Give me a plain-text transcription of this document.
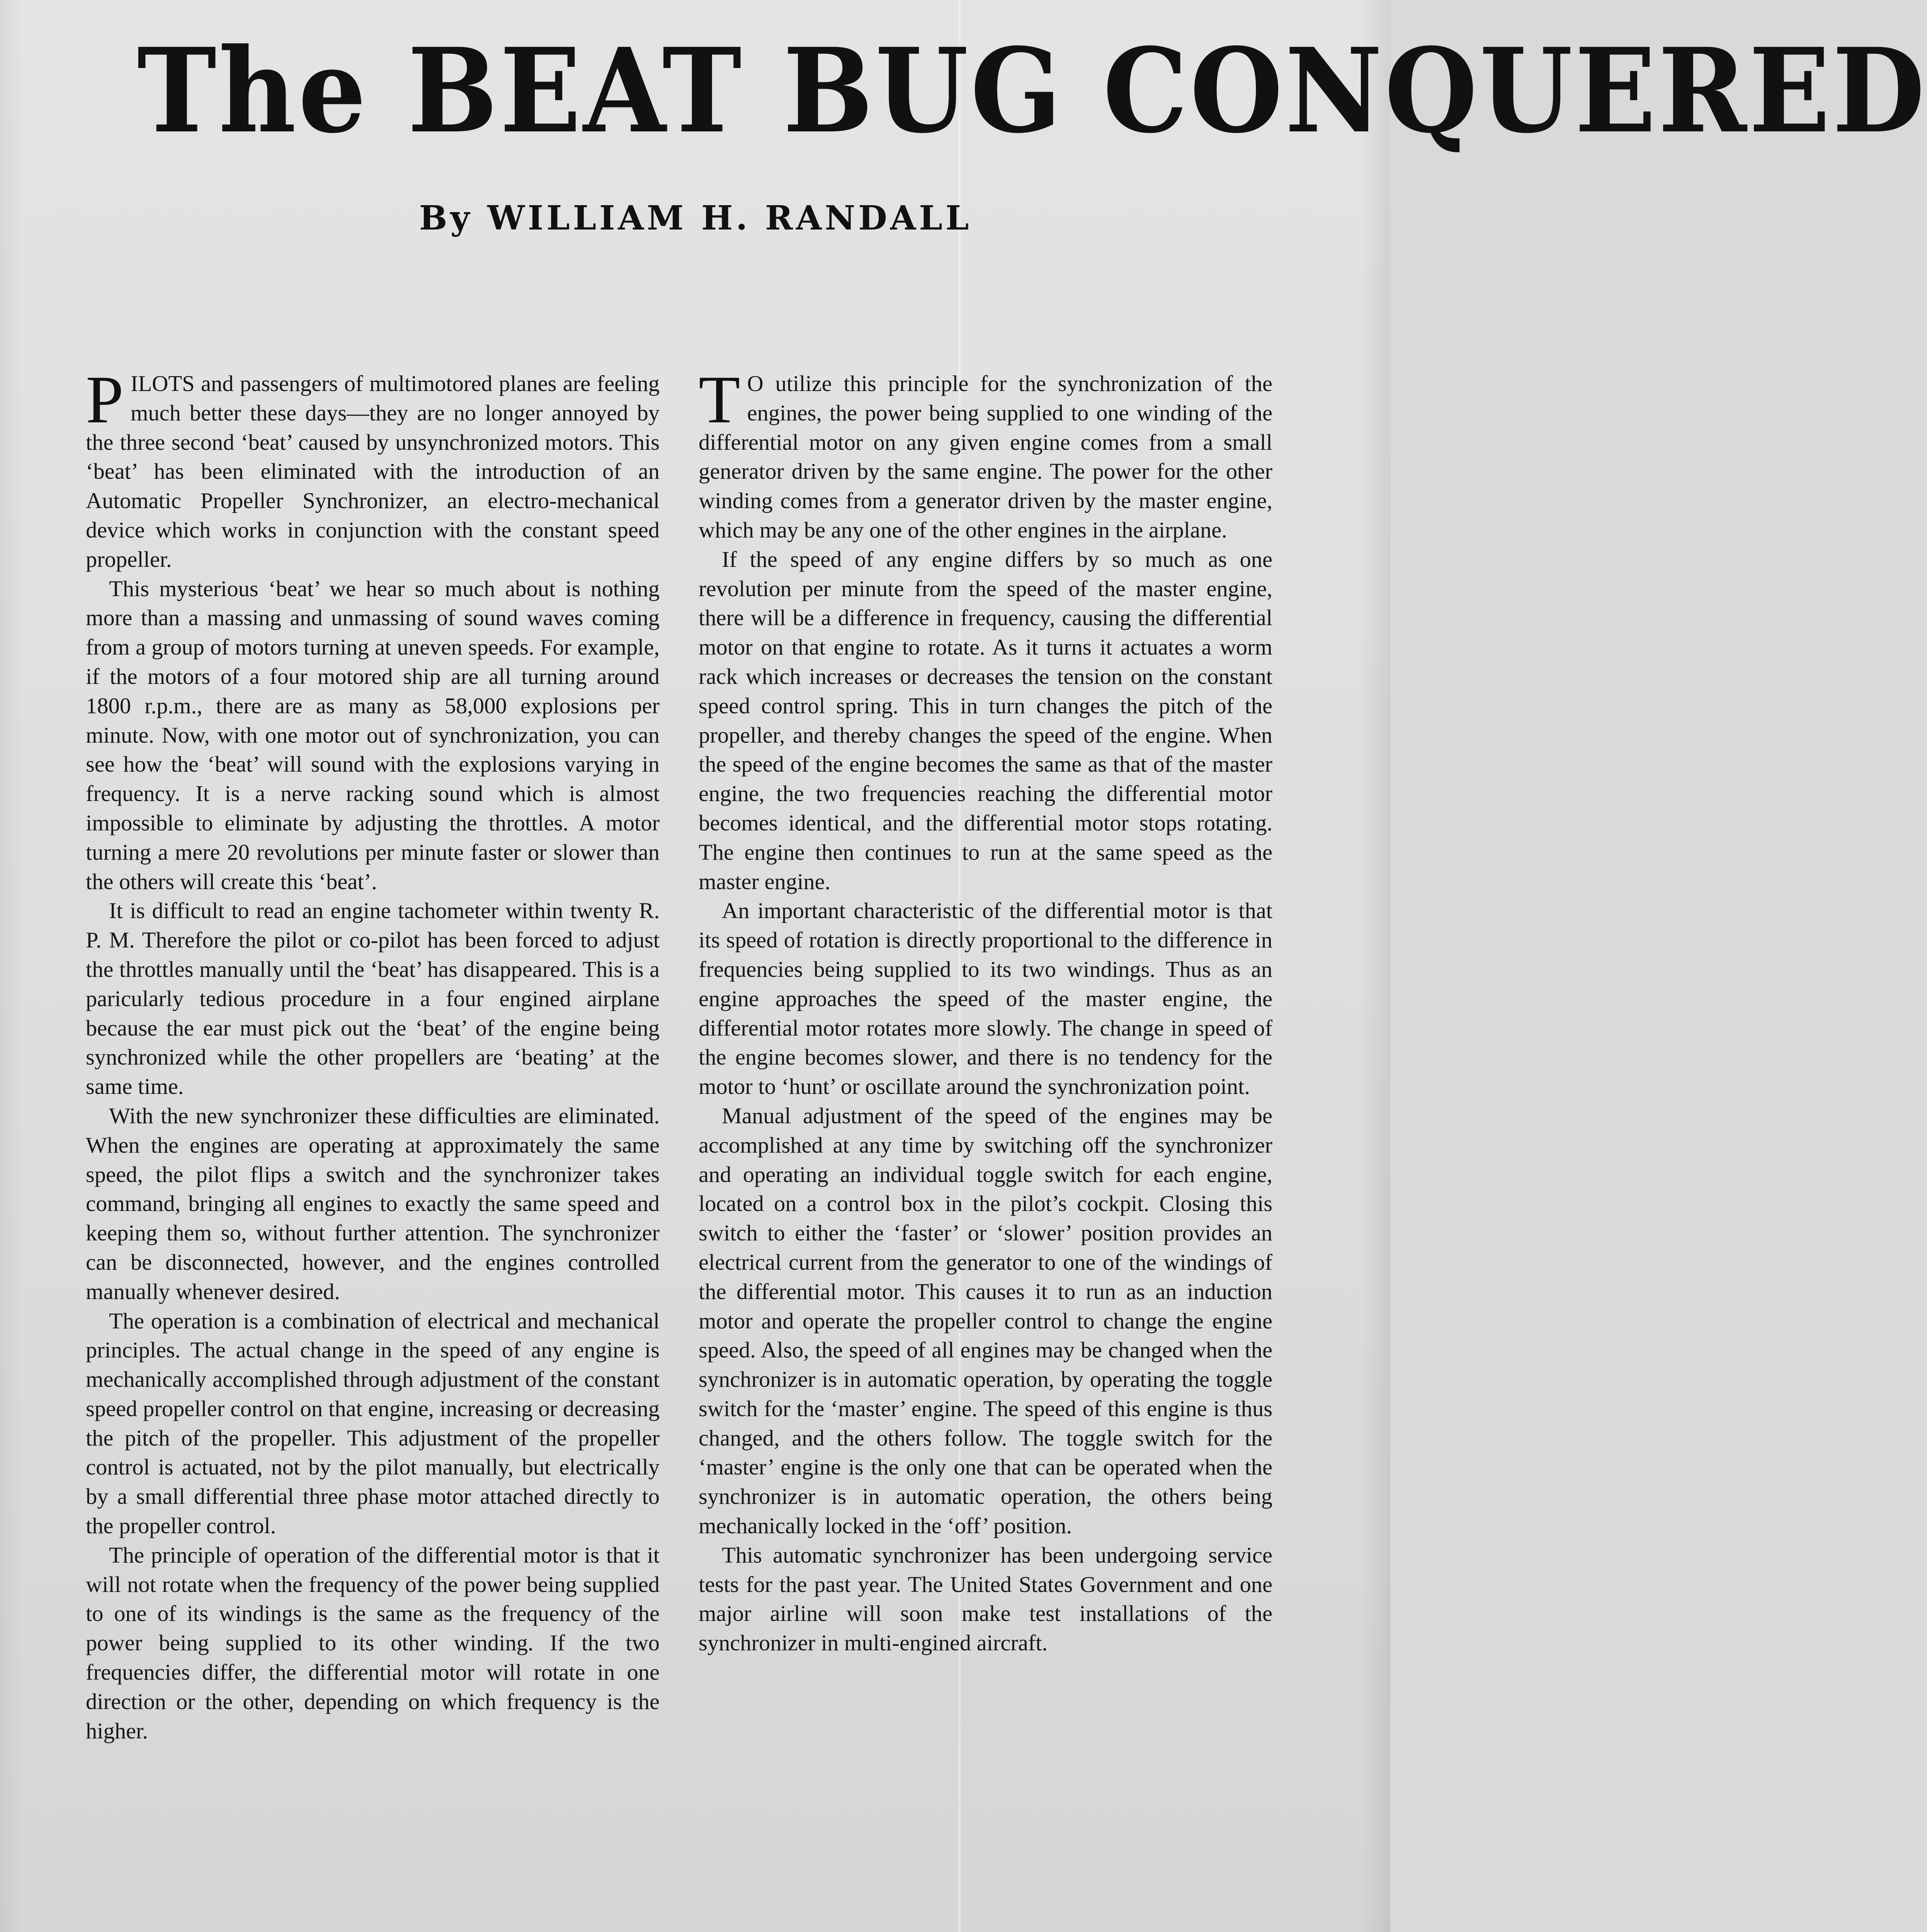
The BEAT BUG CONQUERED
By WILLIAM H. RANDALL

PILOTS and passengers of multimotored planes are feeling much better these days—they are no longer annoyed by the three second ‘beat’ caused by unsynchronized motors. This ‘beat’ has been eliminated with the introduction of an Automatic Propeller Synchronizer, an electro-mechanical device which works in conjunction with the constant speed propeller.

This mysterious ‘beat’ we hear so much about is nothing more than a massing and unmassing of sound waves coming from a group of motors turning at uneven speeds. For example, if the motors of a four motored ship are all turning around 1800 r.p.m., there are as many as 58,000 explosions per minute. Now, with one motor out of synchronization, you can see how the ‘beat’ will sound with the explosions varying in frequency. It is a nerve racking sound which is almost impossible to eliminate by adjusting the throttles. A motor turning a mere 20 revolutions per minute faster or slower than the others will create this ‘beat’.

It is difficult to read an engine tachometer within twenty R. P. M. Therefore the pilot or co-pilot has been forced to adjust the throttles manually until the ‘beat’ has disappeared. This is a paricularly tedious procedure in a four engined airplane because the ear must pick out the ‘beat’ of the engine being synchronized while the other propellers are ‘beating’ at the same time.

With the new synchronizer these difficulties are eliminated. When the engines are operating at approximately the same speed, the pilot flips a switch and the synchronizer takes command, bringing all engines to exactly the same speed and keeping them so, without further attention. The synchronizer can be disconnected, however, and the engines controlled manually whenever desired.

The operation is a combination of electrical and mechanical principles. The actual change in the speed of any engine is mechanically accomplished through adjustment of the constant speed propeller control on that engine, increasing or decreasing the pitch of the propeller. This adjustment of the propeller control is actuated, not by the pilot manually, but electrically by a small differential three phase motor attached directly to the propeller control.

The principle of operation of the differential motor is that it will not rotate when the frequency of the power being supplied to one of its windings is the same as the frequency of the power being supplied to its other winding. If the two frequencies differ, the differential motor will rotate in one direction or the other, depending on which frequency is the higher.

T O utilize this principle for the synchronization of the engines, the power being supplied to one winding of the differential motor on any given engine comes from a small generator driven by the same engine. The power for the other winding comes from a generator driven by the master engine, which may be any one of the other engines in the airplane.

If the speed of any engine differs by so much as one revolution per minute from the speed of the master engine, there will be a difference in frequency, causing the differential motor on that engine to rotate. As it turns it actuates a worm rack which increases or decreases the tension on the constant speed control spring. This in turn changes the pitch of the propeller, and thereby changes the speed of the engine. When the speed of the engine becomes the same as that of the master engine, the two frequencies reaching the differential motor becomes identical, and the differential motor stops rotating. The engine then continues to run at the same speed as the master engine.

An important characteristic of the differential motor is that its speed of rotation is directly proportional to the difference in frequencies being supplied to its two windings. Thus as an engine approaches the speed of the master engine, the differential motor rotates more slowly. The change in speed of the engine becomes slower, and there is no tendency for the motor to ‘hunt’ or oscillate around the synchronization point.

Manual adjustment of the speed of the engines may be accomplished at any time by switching off the synchronizer and operating an individual toggle switch for each engine, located on a control box in the pilot’s cockpit. Closing this switch to either the ‘faster’ or ‘slower’ position provides an electrical current from the generator to one of the windings of the differential motor. This causes it to run as an induction motor and operate the propeller control to change the engine speed. Also, the speed of all engines may be changed when the synchronizer is in automatic operation, by operating the toggle switch for the ‘master’ engine. The speed of this engine is thus changed, and the others follow. The toggle switch for the ‘master’ engine is the only one that can be operated when the synchronizer is in automatic operation, the others being mechanically locked in the ‘off’ position.

This automatic synchronizer has been undergoing service tests for the past year. The United States Government and one major airline will soon make test installations of the synchronizer in multi-engined aircraft.
